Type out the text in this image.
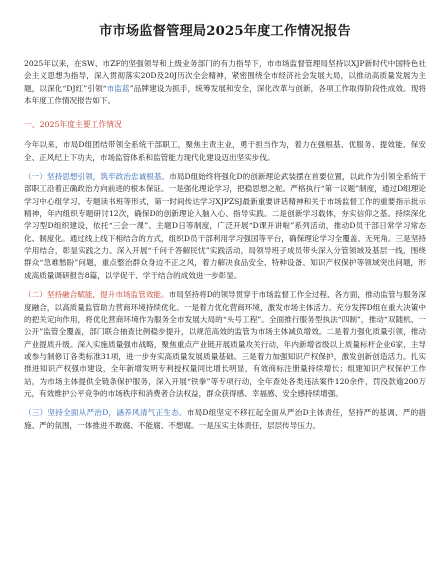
市市场监督管理局2025年度工作情况报告

2025年以来，在SW、市ZF的坚强领导和上级业务部门的有力指导下，市市场监督管理局坚持以XJP新时代中国特色社会主义思想为指导，深入贯彻落实20D及20J历次全会精神，紧密围绕全市经济社会发展大局，以推动高质量发展为主题，以深化“DJ红”引领“市监蓝”品牌建设为抓手，统筹发展和安全，深化改革与创新，各项工作取得阶段性成效。现将本年度工作情况报告如下。

一、2025年度主要工作情况

今年以来，市局D组团结带领全系统干部职工，聚焦主责主业，勇于担当作为，着力在强根基、优服务、提效能、保安全、正风纪上下功夫，市场监管体系和监管能力现代化建设迈出坚实步伐。

（一）坚持思想引领，筑牢政治忠诚根基。市局D组始终将强化D的创新理论武装摆在首要位置，以此作为引领全系统干部职工沿着正确政治方向前进的根本保证。一是强化理论学习，把稳思想之舵。严格执行“第一议题”制度，通过D组理论学习中心组学习、专题读书班等形式，第一时间传达学习XJPZSJ最新重要讲话精神和关于市场监督工作的重要指示批示精神，年内组织专题研讨12次，确保D的创新理论入脑入心、指导实践。二是创新学习载体，夯实信仰之基。持续深化学习型D组织建设，依托“三会一课”、主题D日等制度，广泛开展“D课开讲啦”系列活动，推动D员干部日常学习常态化、制度化。通过线上线下相结合的方式，组织D员干部利用学习强国等平台，确保理论学习全覆盖、无死角。三是坚持学用结合，彰显实践之力。深入开展“千问千答解民忧”实践活动，局领导班子成员带头深入分管领域及基层一线，围绕群众“急难愁盼”问题，重点整治群众身边不正之风，着力解决食品安全、特种设备、知识产权保护等领域突出问题，形成高质量调研报告8篇，以学促干、学干结合的成效进一步彰显。

（二）坚持融合赋能，提升市场监管效能。市局坚持将D的领导贯穿于市场监督工作全过程、各方面，推动监管与服务深度融合，以高质量监管助力营商环境持续优化。一是着力优化营商环境，激发市场主体活力。充分发挥D组在重大决策中的把关定向作用，将优化营商环境作为服务全市发展大局的“头号工程”。全面推行服务型执法“四制”，推动“双随机、一公开”监管全覆盖，部门联合抽查比例稳步提升，以规范高效的监管为市场主体减负增效。二是着力强化质量引领，推动产业提质升级。深入实施质量强市战略，聚焦重点产业链开展质量攻关行动，年内新增省级以上质量标杆企业6家，主导或参与制修订各类标准31项，进一步夯实高质量发展质量基础。三是着力加强知识产权保护，激发创新创造活力。扎实推进知识产权强市建设，全年新增发明专利授权量同比增长明显，有效商标注册量持续增长；组建知识产权保护工作站，为市场主体提供全链条保护服务，深入开展“铁拳”等专项行动，全年查处各类违法案件120余件，罚没款逾200万元，有效维护公平竞争的市场秩序和消费者合法权益，群众获得感、幸福感、安全感持续增强。

（三）坚持全面从严治D，涵养风清气正生态。市局D组坚定不移扛起全面从严治D主体责任，坚持严的基调、严的措施、严的氛围，一体推进不敢腐、不能腐、不想腐。一是压实主体责任，层层传导压力。
